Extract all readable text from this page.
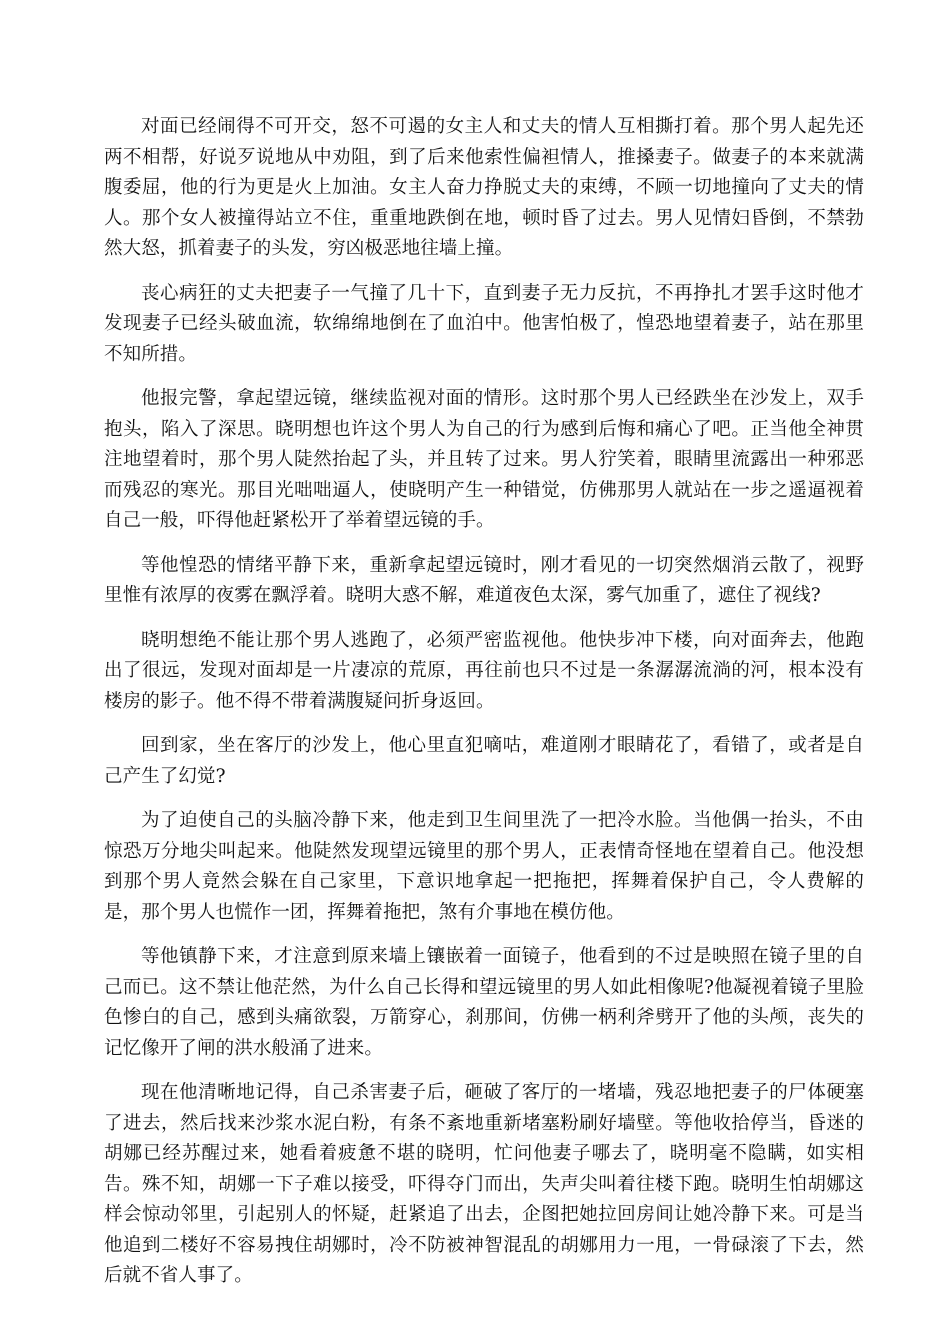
对面已经闹得不可开交，怒不可遏的女主人和丈夫的情人互相撕打着。那个男人起先还两不相帮，好说歹说地从中劝阻，到了后来他索性偏袒情人，推搡妻子。做妻子的本来就满腹委屈，他的行为更是火上加油。女主人奋力挣脱丈夫的束缚，不顾一切地撞向了丈夫的情人。那个女人被撞得站立不住，重重地跌倒在地，顿时昏了过去。男人见情妇昏倒，不禁勃然大怒，抓着妻子的头发，穷凶极恶地往墙上撞。

丧心病狂的丈夫把妻子一气撞了几十下，直到妻子无力反抗，不再挣扎才罢手这时他才发现妻子已经头破血流，软绵绵地倒在了血泊中。他害怕极了，惶恐地望着妻子，站在那里不知所措。

他报完警，拿起望远镜，继续监视对面的情形。这时那个男人已经跌坐在沙发上，双手抱头，陷入了深思。晓明想也许这个男人为自己的行为感到后悔和痛心了吧。正当他全神贯注地望着时，那个男人陡然抬起了头，并且转了过来。男人狞笑着，眼睛里流露出一种邪恶而残忍的寒光。那目光咄咄逼人，使晓明产生一种错觉，仿佛那男人就站在一步之遥逼视着自己一般，吓得他赶紧松开了举着望远镜的手。

等他惶恐的情绪平静下来，重新拿起望远镜时，刚才看见的一切突然烟消云散了，视野里惟有浓厚的夜雾在飘浮着。晓明大惑不解，难道夜色太深，雾气加重了，遮住了视线?

晓明想绝不能让那个男人逃跑了，必须严密监视他。他快步冲下楼，向对面奔去，他跑出了很远，发现对面却是一片凄凉的荒原，再往前也只不过是一条潺潺流淌的河，根本没有楼房的影子。他不得不带着满腹疑问折身返回。

回到家，坐在客厅的沙发上，他心里直犯嘀咕，难道刚才眼睛花了，看错了，或者是自己产生了幻觉?

为了迫使自己的头脑冷静下来，他走到卫生间里洗了一把冷水脸。当他偶一抬头，不由惊恐万分地尖叫起来。他陡然发现望远镜里的那个男人，正表情奇怪地在望着自己。他没想到那个男人竟然会躲在自己家里，下意识地拿起一把拖把，挥舞着保护自己，令人费解的是，那个男人也慌作一团，挥舞着拖把，煞有介事地在模仿他。

等他镇静下来，才注意到原来墙上镶嵌着一面镜子，他看到的不过是映照在镜子里的自己而已。这不禁让他茫然，为什么自己长得和望远镜里的男人如此相像呢?他凝视着镜子里脸色惨白的自己，感到头痛欲裂，万箭穿心，刹那间，仿佛一柄利斧劈开了他的头颅，丧失的记忆像开了闸的洪水般涌了进来。

现在他清晰地记得，自己杀害妻子后，砸破了客厅的一堵墙，残忍地把妻子的尸体硬塞了进去，然后找来沙浆水泥白粉，有条不紊地重新堵塞粉刷好墙壁。等他收拾停当，昏迷的胡娜已经苏醒过来，她看着疲惫不堪的晓明，忙问他妻子哪去了，晓明毫不隐瞒，如实相告。殊不知，胡娜一下子难以接受，吓得夺门而出，失声尖叫着往楼下跑。晓明生怕胡娜这样会惊动邻里，引起别人的怀疑，赶紧追了出去，企图把她拉回房间让她冷静下来。可是当他追到二楼好不容易拽住胡娜时，冷不防被神智混乱的胡娜用力一甩，一骨碌滚了下去，然后就不省人事了。
